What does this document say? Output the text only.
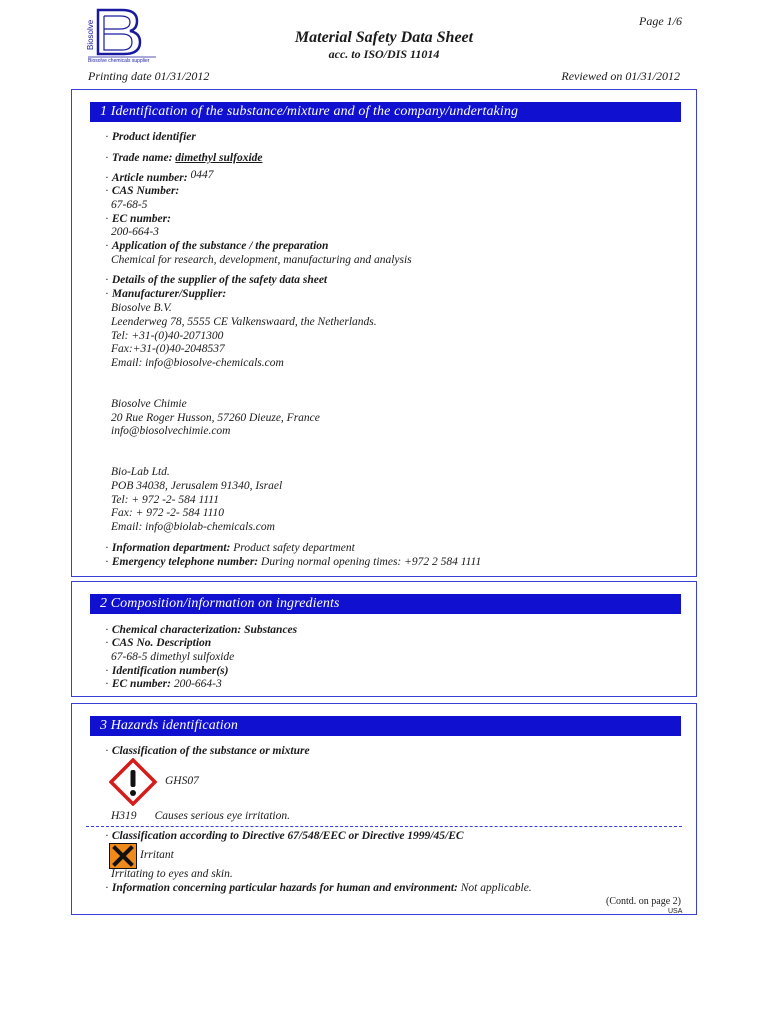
Biosolve
Biosolve chemicals supplier
Page 1/6
Material Safety Data Sheet
acc. to ISO/DIS 11014
Printing date 01/31/2012	Reviewed on 01/31/2012
1 Identification of the substance/mixture and of the company/undertaking
· Product identifier
· Trade name: dimethyl sulfoxide
· Article number: 0447
· CAS Number:
67-68-5
· EC number:
200-664-3
· Application of the substance / the preparation
Chemical for research, development, manufacturing and analysis
· Details of the supplier of the safety data sheet
· Manufacturer/Supplier:
Biosolve B.V.
Leenderweg 78, 5555 CE Valkenswaard, the Netherlands.
Tel: +31-(0)40-2071300
Fax:+31-(0)40-2048537
Email: info@biosolve-chemicals.com
Biosolve Chimie
20 Rue Roger Husson, 57260 Dieuze, France
info@biosolvechimie.com
Bio-Lab Ltd.
POB 34038, Jerusalem 91340, Israel
Tel: + 972 -2- 584 1111
Fax: + 972 -2- 584 1110
Email: info@biolab-chemicals.com
· Information department: Product safety department
· Emergency telephone number: During normal opening times: +972 2 584 1111
2 Composition/information on ingredients
· Chemical characterization: Substances
· CAS No. Description
67-68-5 dimethyl sulfoxide
· Identification number(s)
· EC number: 200-664-3
3 Hazards identification
· Classification of the substance or mixture
GHS07
H319 Causes serious eye irritation.
· Classification according to Directive 67/548/EEC or Directive 1999/45/EC
Irritant
Irritating to eyes and skin.
· Information concerning particular hazards for human and environment: Not applicable.
(Contd. on page 2)
USA
